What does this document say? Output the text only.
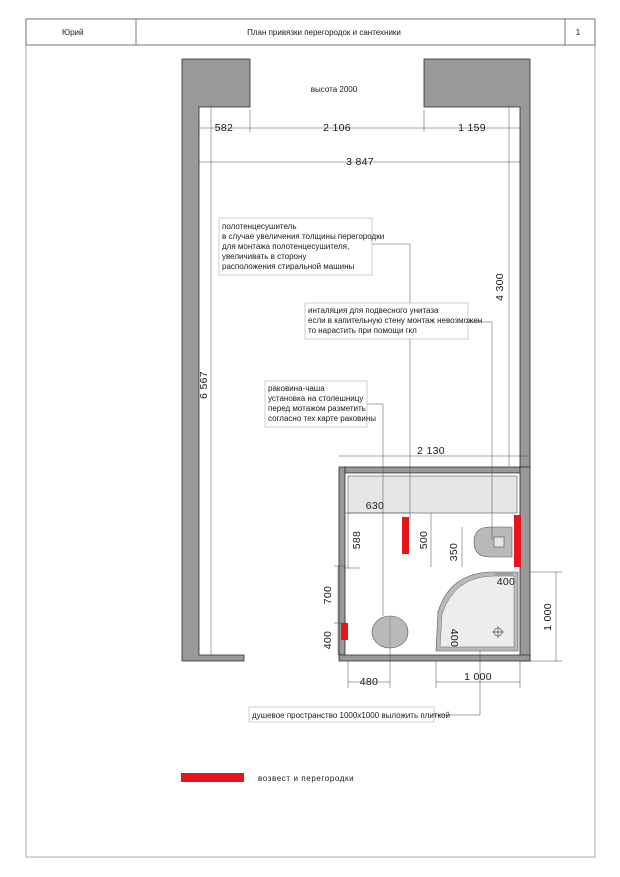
Юрий	План привязки перегородок и сантехники	1
высота 2000
582	2 106	1 159
3 847
4 300
6 567
2 130
630
588	500
350
400
400
1 000
700
400
480	1 000
полотенцесушитель
в случае увеличения толщины перегородки
для монтажа полотенцесушителя,
увеличивать в сторону
расположения стиральной машины
инталяция для подвесного унитаза
если в капительную стену монтаж невозможен
то нарастить при помощи гкл
раковина-чаша
установка на столешницу
перед мотажом разметить
согласно тех карте раковины
душевое пространство 1000х1000 выложить плиткой
возвест и перегородки
